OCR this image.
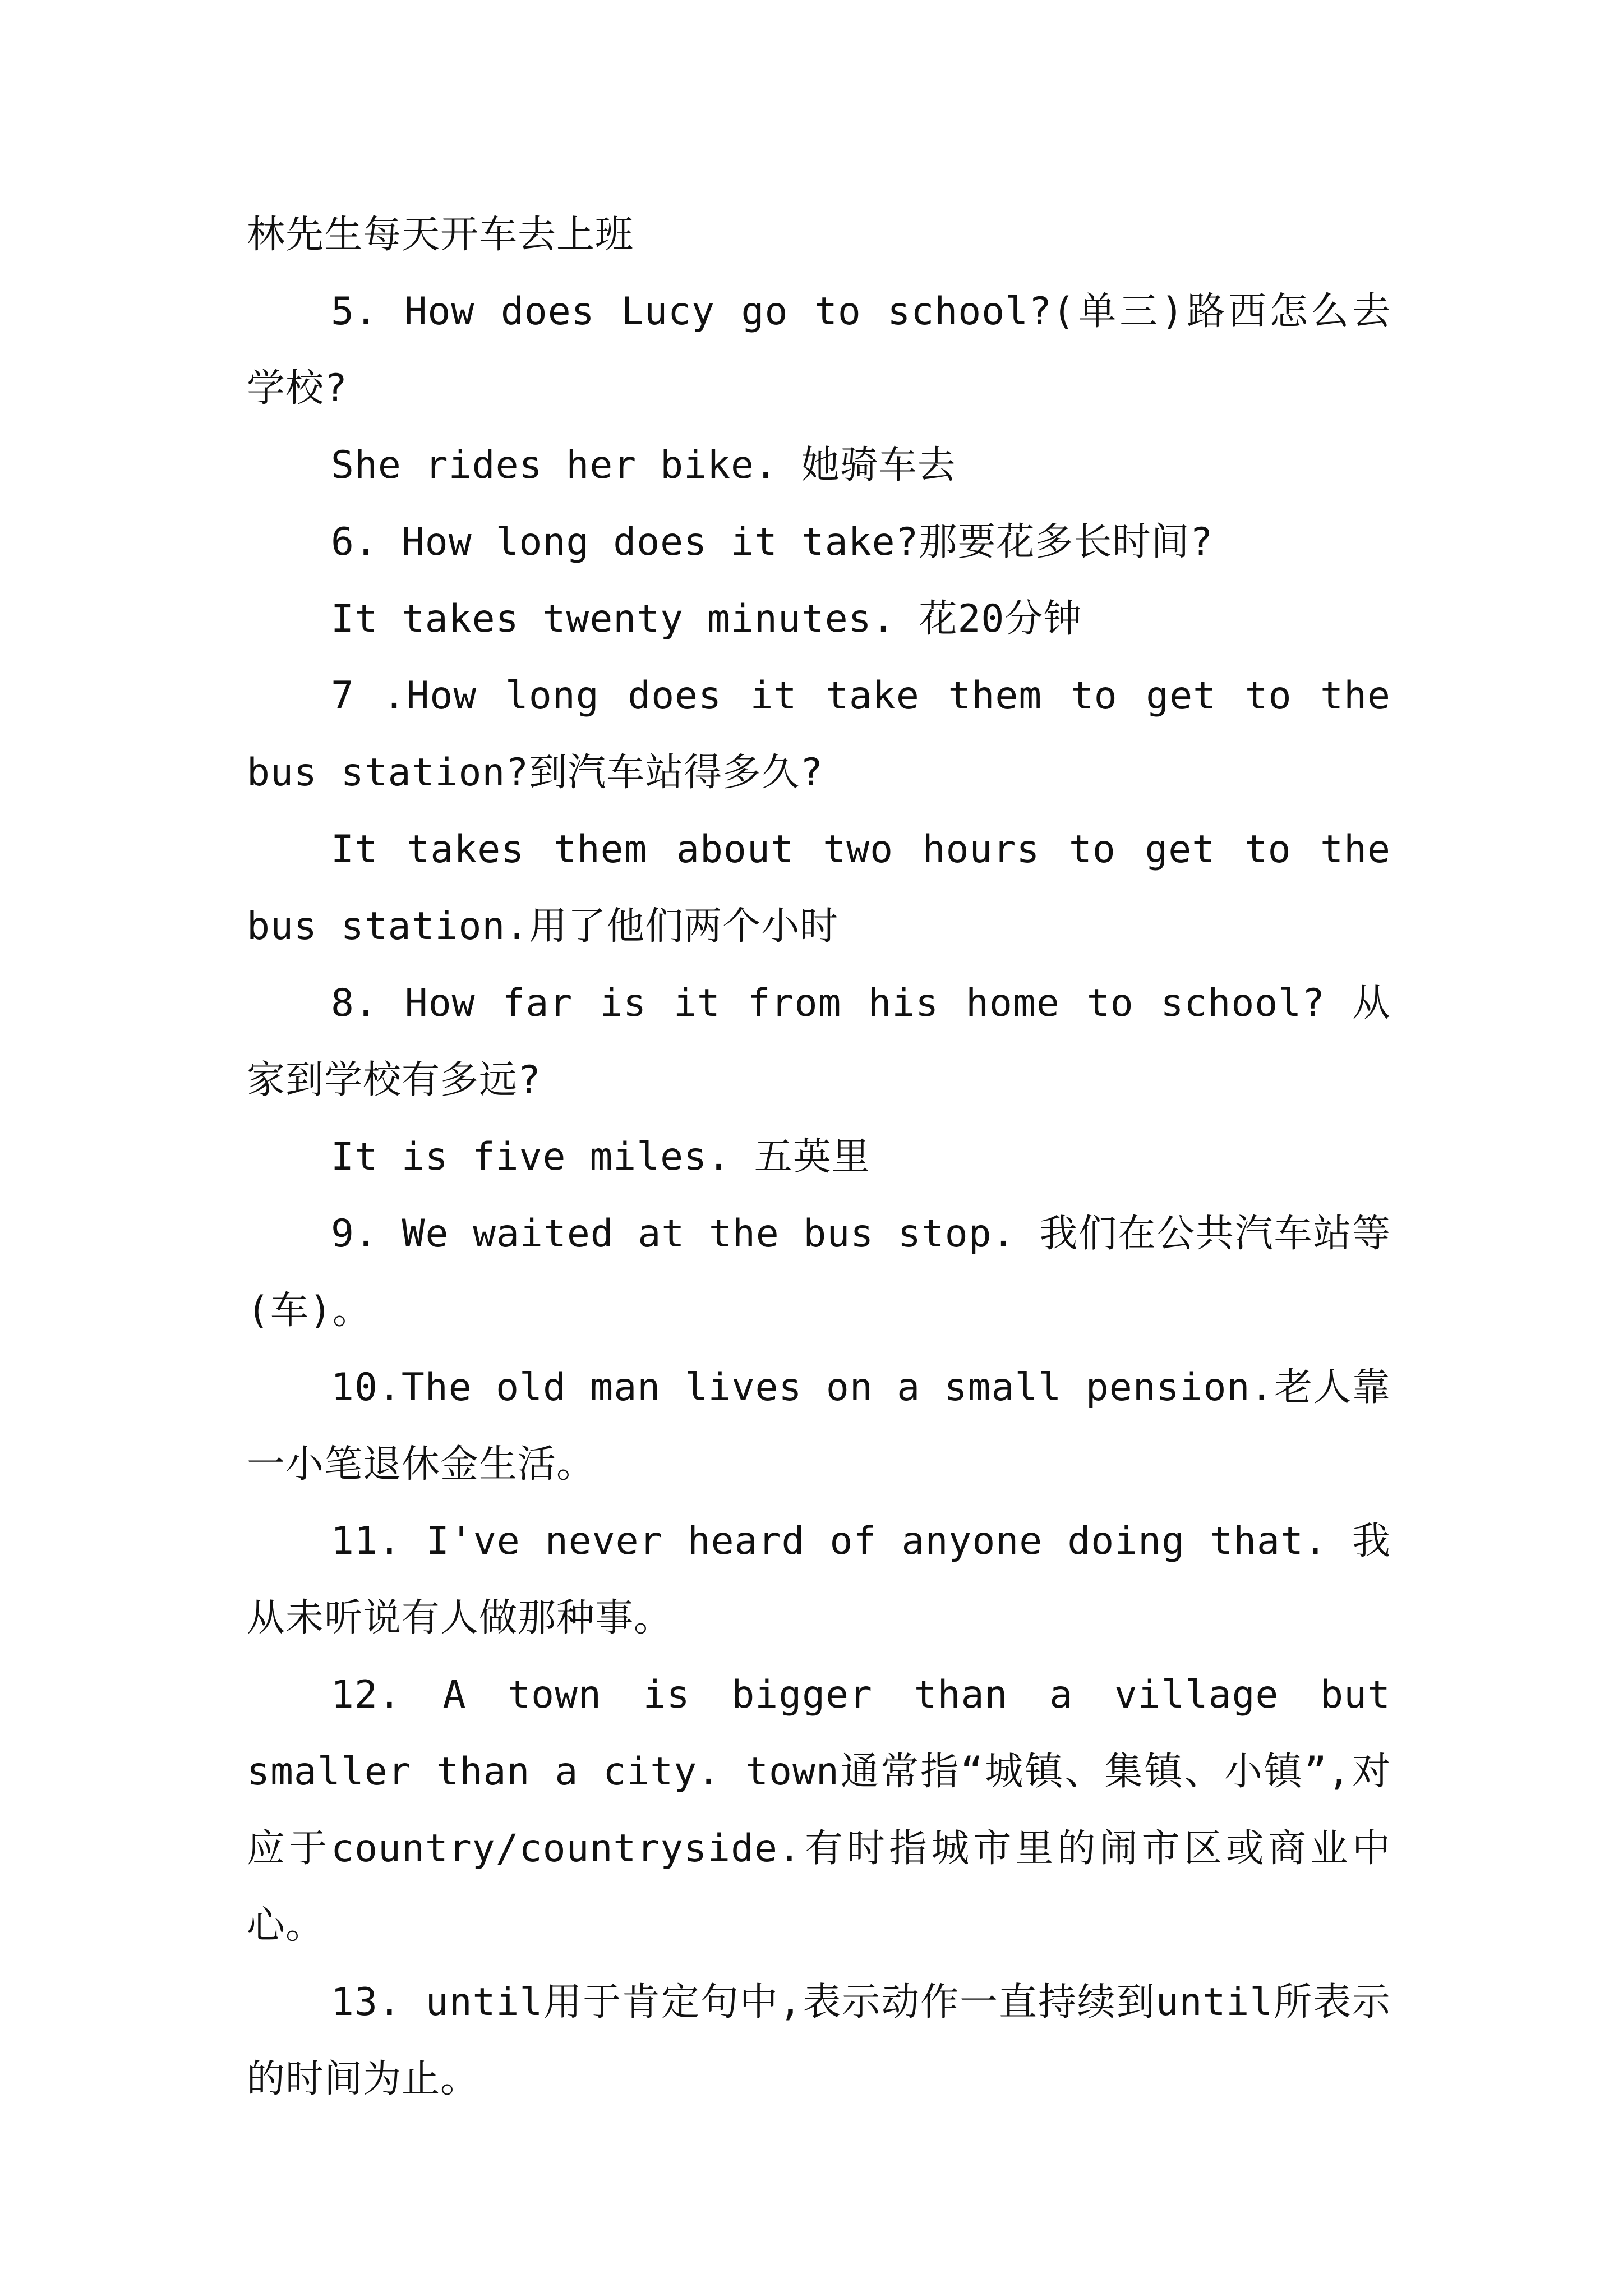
林先生每天开车去上班

5. How does Lucy go to school?(单三)路西怎么去学校?

She rides her bike. 她骑车去

6. How long does it take?那要花多长时间?

It takes twenty minutes. 花20分钟

7 .How long does it take them to get to the bus station?到汽车站得多久?

It takes them about two hours to get to the bus station.用了他们两个小时

8. How far is it from his home to school? 从家到学校有多远?

It is five miles. 五英里

9. We waited at the bus stop. 我们在公共汽车站等(车)。

10.The old man lives on a small pension.老人靠一小笔退休金生活。

11. I've never heard of anyone doing that. 我从未听说有人做那种事。

12. A town is bigger than a village but smaller than a city. town通常指“城镇、集镇、小镇”,对应于country/countryside.有时指城市里的闹市区或商业中心。

13. until用于肯定句中,表示动作一直持续到until所表示的时间为止。
